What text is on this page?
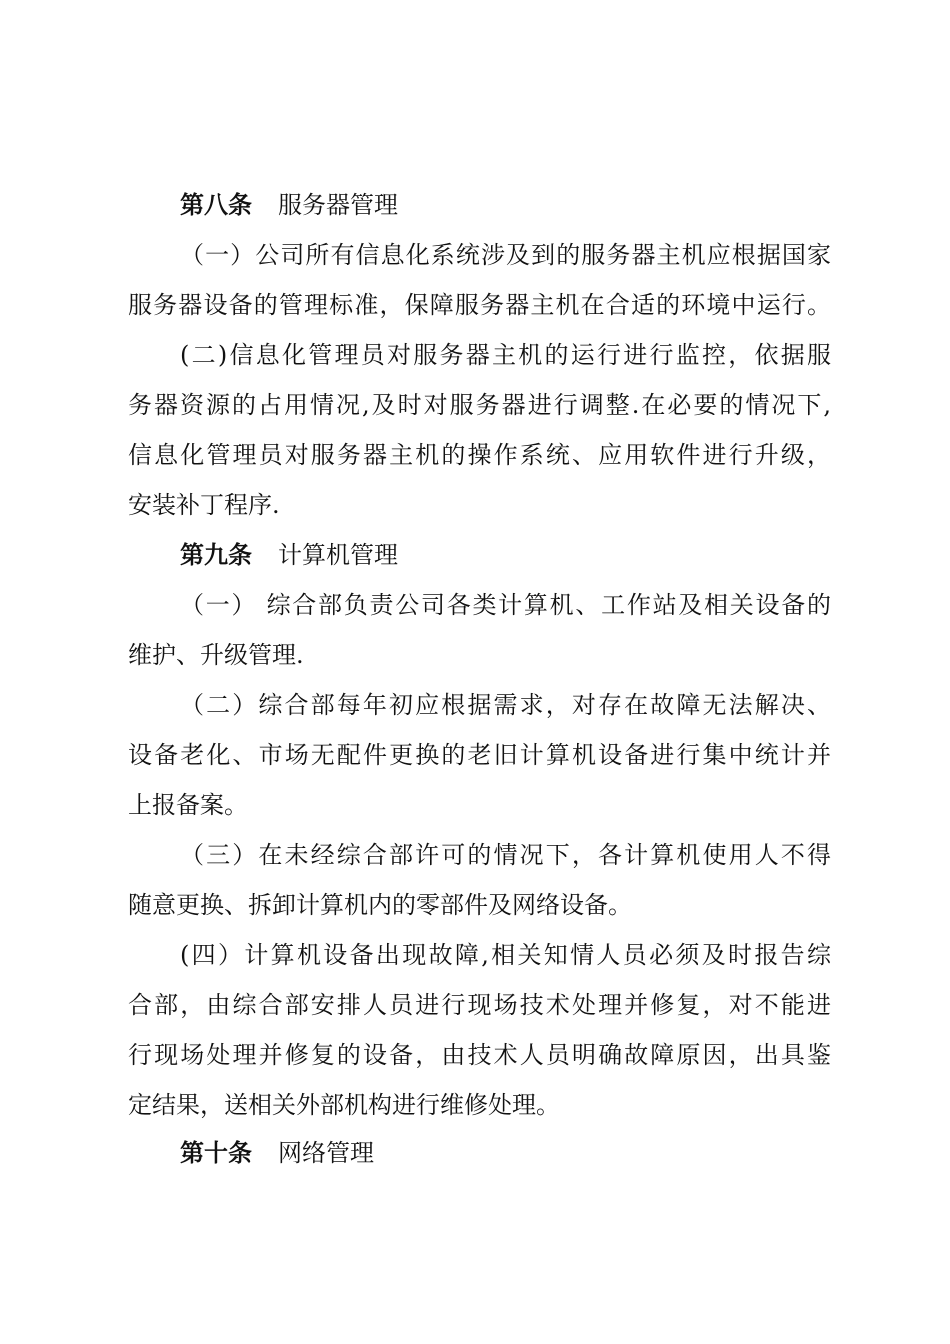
第八条 服务器管理
（一）公司所有信息化系统涉及到的服务器主机应根据国家
服务器设备的管理标准，保障服务器主机在合适的环境中运行。
(二)信息化管理员对服务器主机的运行进行监控，依据服
务器资源的占用情况,及时对服务器进行调整.在必要的情况下,
信息化管理员对服务器主机的操作系统、应用软件进行升级，
安装补丁程序.
第九条 计算机管理
（一） 综合部负责公司各类计算机、工作站及相关设备的
维护、升级管理.
（二）综合部每年初应根据需求，对存在故障无法解决、
设备老化、市场无配件更换的老旧计算机设备进行集中统计并
上报备案。
（三）在未经综合部许可的情况下，各计算机使用人不得
随意更换、拆卸计算机内的零部件及网络设备。
(四）计算机设备出现故障,相关知情人员必须及时报告综
合部，由综合部安排人员进行现场技术处理并修复，对不能进
行现场处理并修复的设备，由技术人员明确故障原因，出具鉴
定结果，送相关外部机构进行维修处理。
第十条 网络管理
